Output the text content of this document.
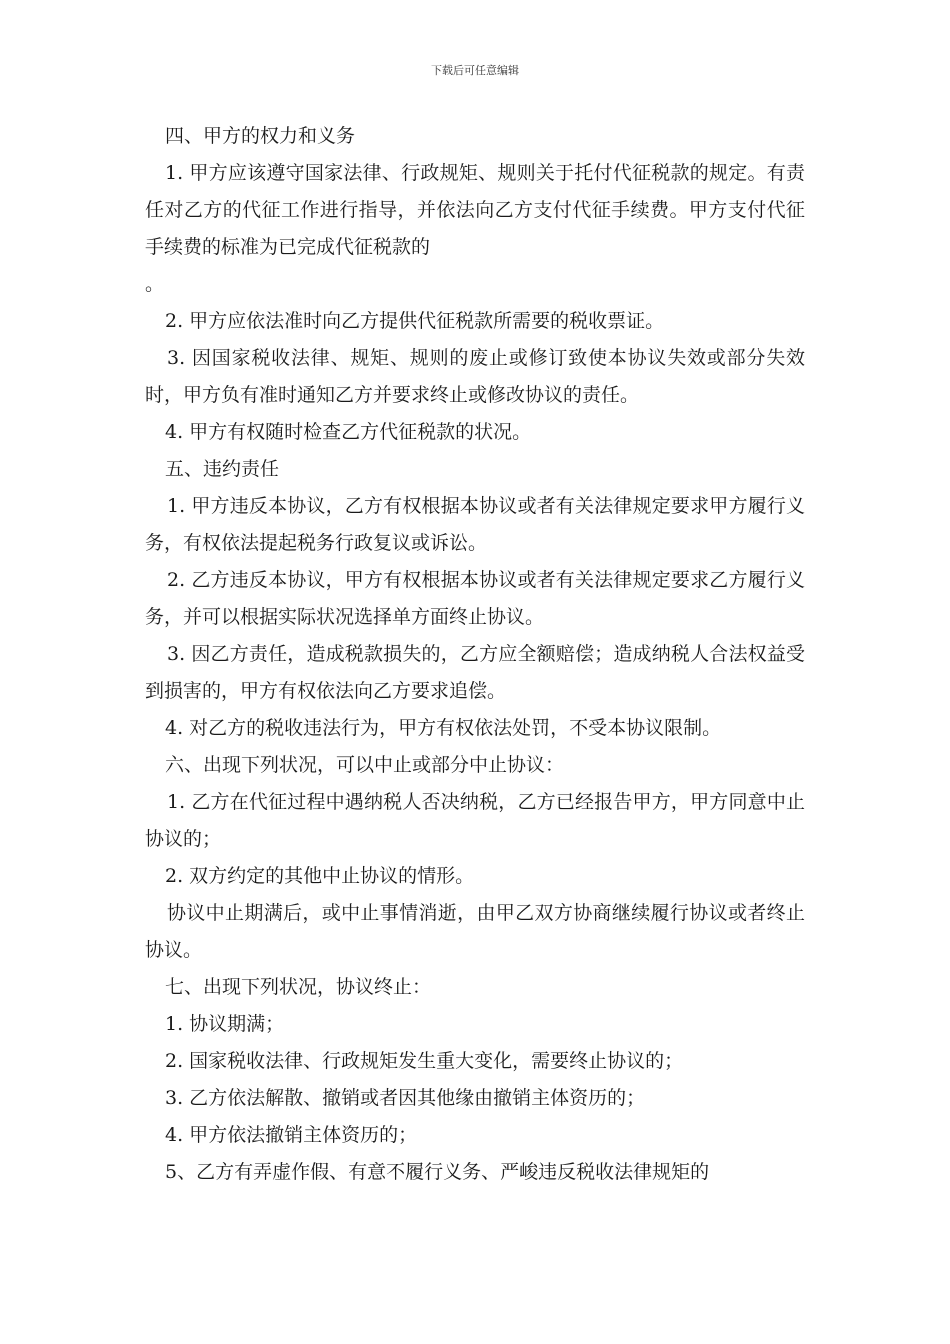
下载后可任意编辑

四、甲方的权力和义务

1. 甲方应该遵守国家法律、行政规矩、规则关于托付代征税款的规定。有责任对乙方的代征工作进行指导，并依法向乙方支付代征手续费。甲方支付代征手续费的标准为已完成代征税款的

。

2. 甲方应依法准时向乙方提供代征税款所需要的税收票证。

3. 因国家税收法律、规矩、规则的废止或修订致使本协议失效或部分失效时，甲方负有准时通知乙方并要求终止或修改协议的责任。

4. 甲方有权随时检查乙方代征税款的状况。

五、违约责任

1. 甲方违反本协议，乙方有权根据本协议或者有关法律规定要求甲方履行义务，有权依法提起税务行政复议或诉讼。

2. 乙方违反本协议，甲方有权根据本协议或者有关法律规定要求乙方履行义务，并可以根据实际状况选择单方面终止协议。

3. 因乙方责任，造成税款损失的，乙方应全额赔偿；造成纳税人合法权益受到损害的，甲方有权依法向乙方要求追偿。

4. 对乙方的税收违法行为，甲方有权依法处罚，不受本协议限制。

六、出现下列状况，可以中止或部分中止协议：

1. 乙方在代征过程中遇纳税人否决纳税，乙方已经报告甲方，甲方同意中止协议的；

2. 双方约定的其他中止协议的情形。

协议中止期满后，或中止事情消逝，由甲乙双方协商继续履行协议或者终止协议。

七、出现下列状况，协议终止：

1. 协议期满；

2. 国家税收法律、行政规矩发生重大变化，需要终止协议的；

3. 乙方依法解散、撤销或者因其他缘由撤销主体资历的；

4. 甲方依法撤销主体资历的；

5、乙方有弄虚作假、有意不履行义务、严峻违反税收法律规矩的
